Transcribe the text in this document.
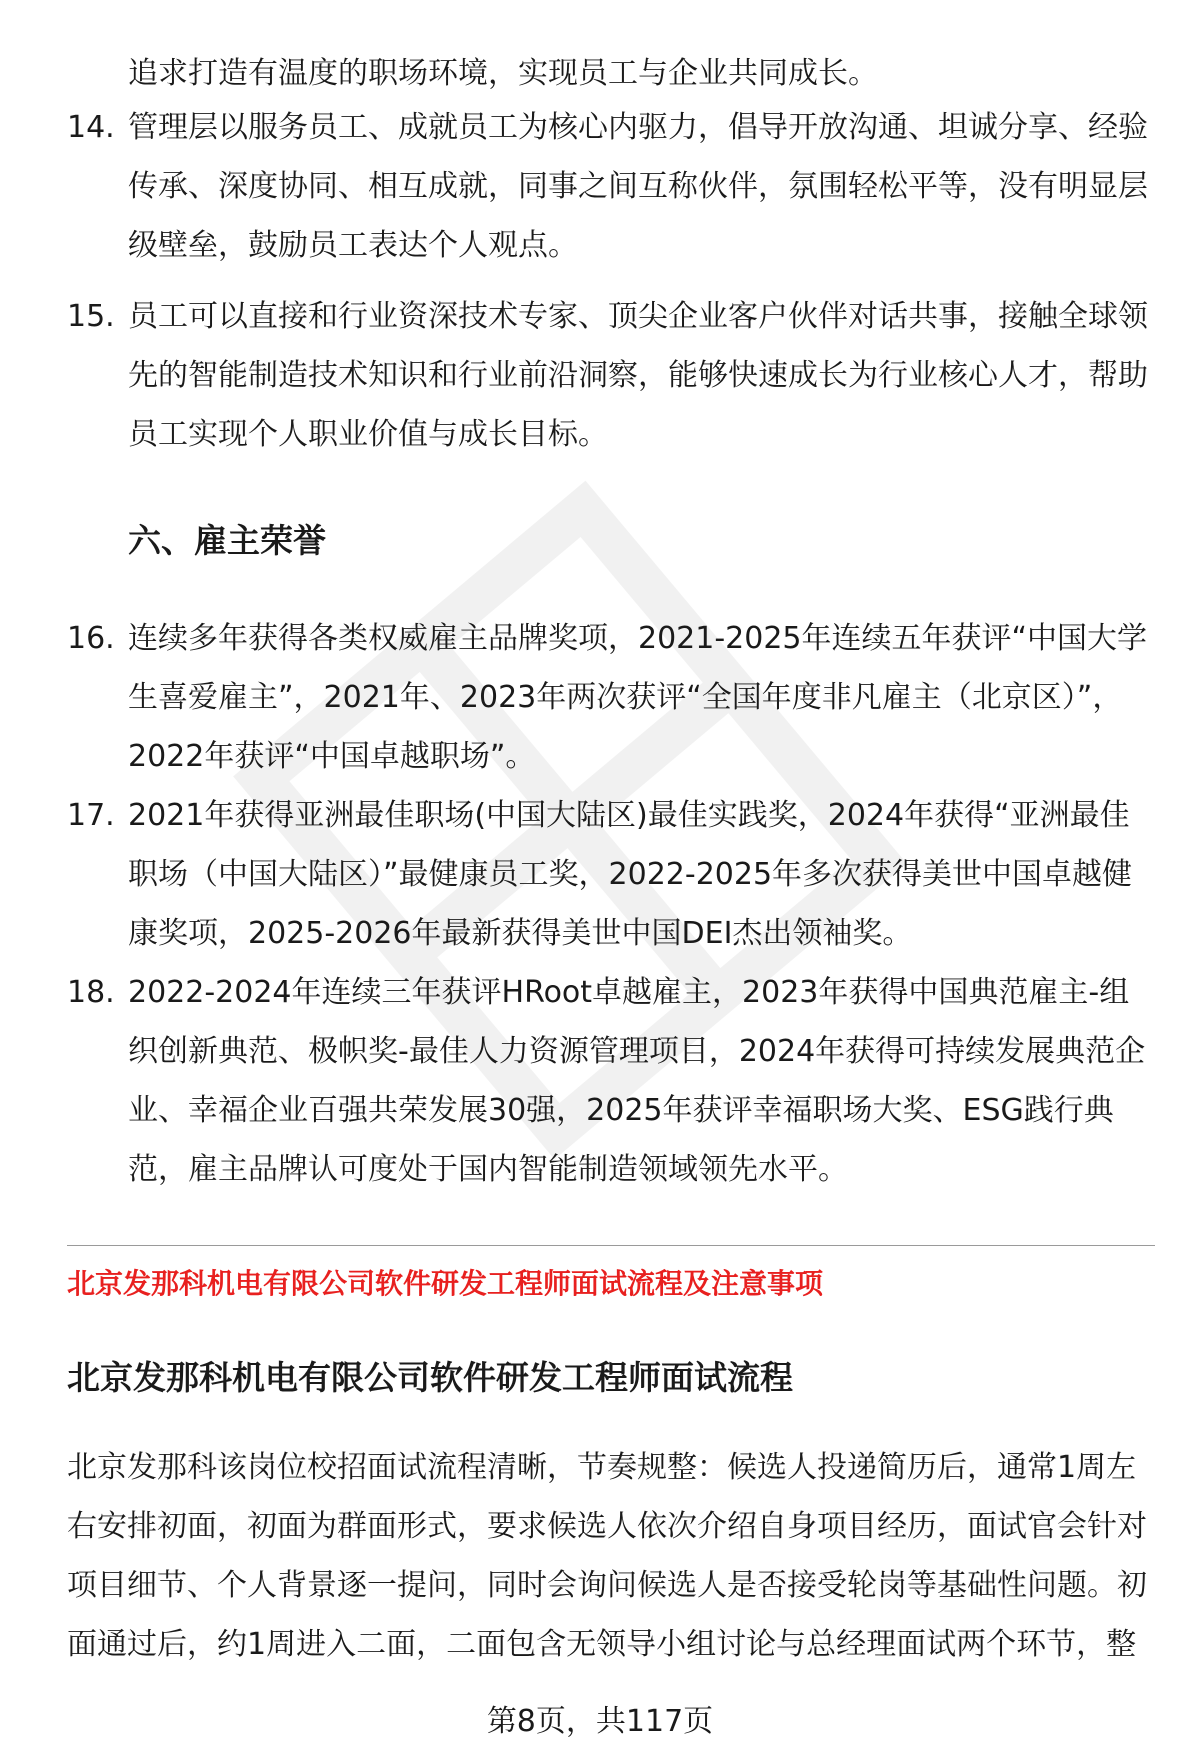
追求打造有温度的职场环境，实现员工与企业共同成长。

14. 管理层以服务员工、成就员工为核心内驱力，倡导开放沟通、坦诚分享、经验传承、深度协同、相互成就，同事之间互称伙伴，氛围轻松平等，没有明显层级壁垒，鼓励员工表达个人观点。
15. 员工可以直接和行业资深技术专家、顶尖企业客户伙伴对话共事，接触全球领先的智能制造技术知识和行业前沿洞察，能够快速成长为行业核心人才，帮助员工实现个人职业价值与成长目标。
六、雇主荣誉
16. 连续多年获得各类权威雇主品牌奖项，2021-2025年连续五年获评“中国大学生喜爱雇主”，2021年、2023年两次获评“全国年度非凡雇主（北京区）”，2022年获评“中国卓越职场”。
17. 2021年获得亚洲最佳职场(中国大陆区)最佳实践奖，2024年获得“亚洲最佳职场（中国大陆区）”最健康员工奖，2022-2025年多次获得美世中国卓越健康奖项，2025-2026年最新获得美世中国DEI杰出领袖奖。
18. 2022-2024年连续三年获评HRoot卓越雇主，2023年获得中国典范雇主-组织创新典范、极帜奖-最佳人力资源管理项目，2024年获得可持续发展典范企业、幸福企业百强共荣发展30强，2025年获评幸福职场大奖、ESG践行典范，雇主品牌认可度处于国内智能制造领域领先水平。
北京发那科机电有限公司软件研发工程师面试流程及注意事项
北京发那科机电有限公司软件研发工程师面试流程

北京发那科该岗位校招面试流程清晰，节奏规整：候选人投递简历后，通常1周左右安排初面，初面为群面形式，要求候选人依次介绍自身项目经历，面试官会针对项目细节、个人背景逐一提问，同时会询问候选人是否接受轮岗等基础性问题。初面通过后，约1周进入二面，二面包含无领导小组讨论与总经理面试两个环节，整

第8页，共117页
